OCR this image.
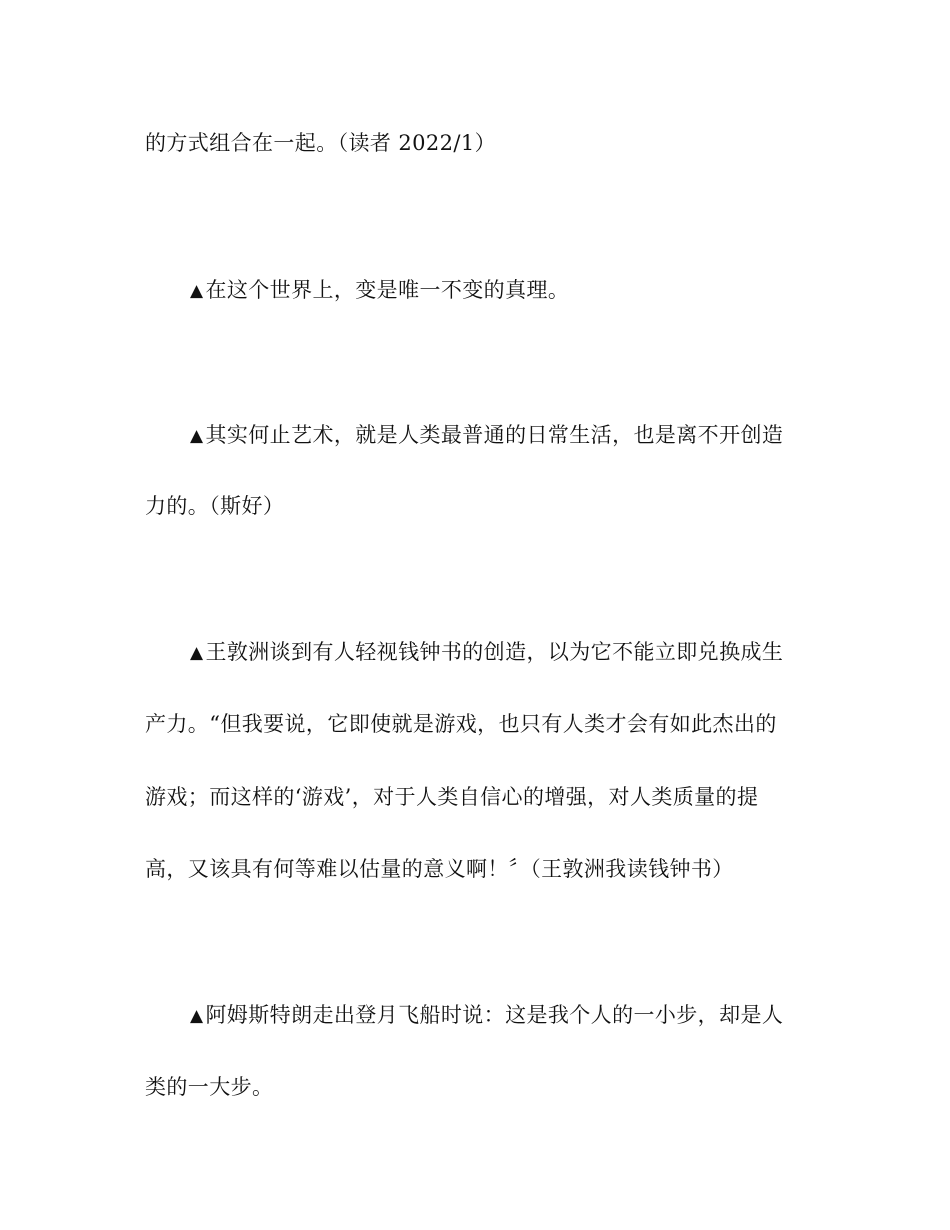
的方式组合在一起。（读者 2022/1）
▲在这个世界上，变是唯一不变的真理。
▲其实何止艺术，就是人类最普通的日常生活，也是离不开创造
力的。（斯好）
▲王敦洲谈到有人轻视钱钟书的创造，以为它不能立即兑换成生
产力。“但我要说，它即使就是游戏，也只有人类才会有如此杰出的
游戏；而这样的‘游戏’，对于人类自信心的增强，对人类质量的提
高，又该具有何等难以估量的意义啊！〞（王敦洲我读钱钟书）
▲阿姆斯特朗走出登月飞船时说：这是我个人的一小步，却是人
类的一大步。
